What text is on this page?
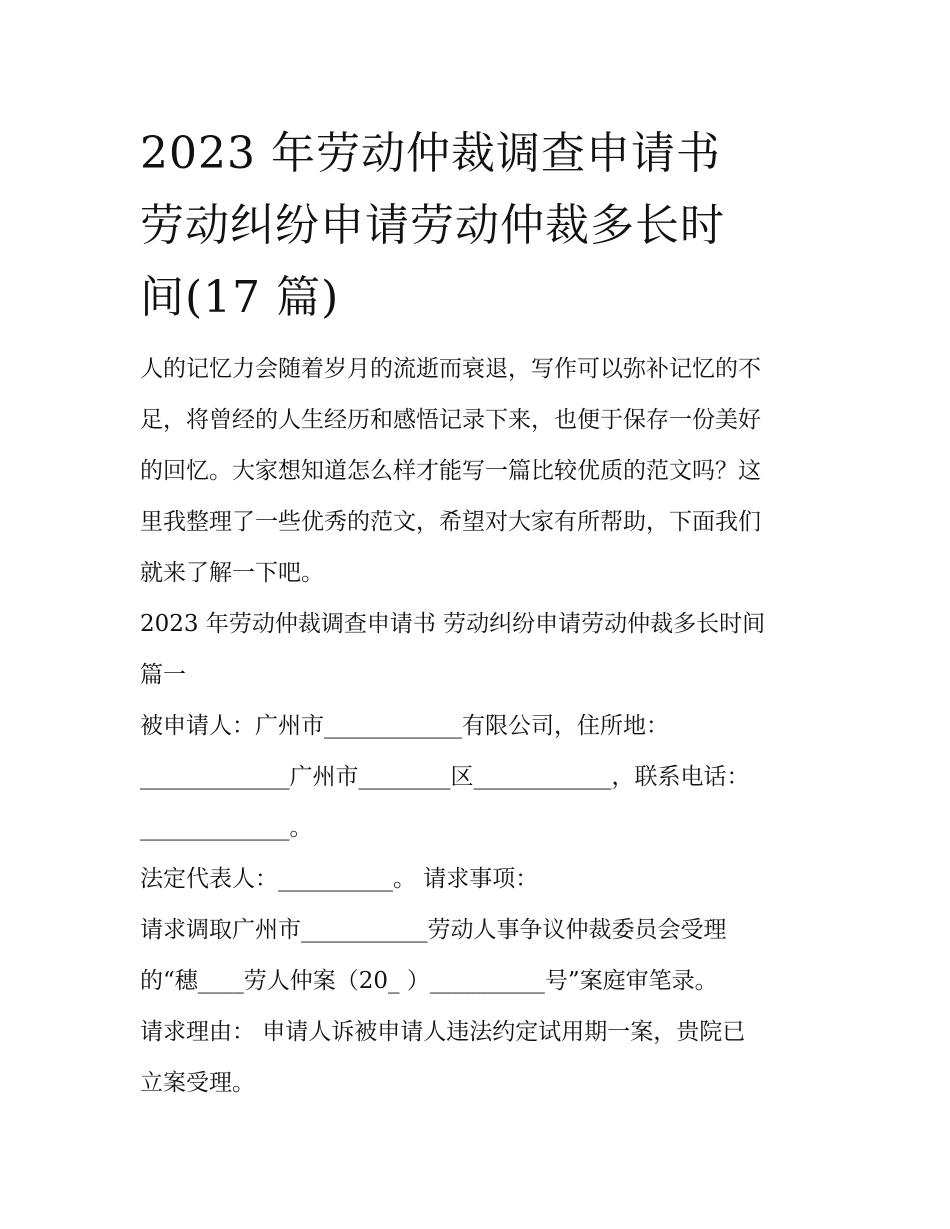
2023 年劳动仲裁调查申请书
劳动纠纷申请劳动仲裁多长时
间(17 篇)

人的记忆力会随着岁月的流逝而衰退，写作可以弥补记忆的不

足，将曾经的人生经历和感悟记录下来，也便于保存一份美好

的回忆。大家想知道怎么样才能写一篇比较优质的范文吗？这

里我整理了一些优秀的范文，希望对大家有所帮助，下面我们

就来了解一下吧。

2023 年劳动仲裁调查申请书 劳动纠纷申请劳动仲裁多长时间

篇一

被申请人：广州市____________有限公司，住所地：

_____________广州市________区____________，联系电话：

_____________。

法定代表人：__________。 请求事项：

请求调取广州市___________劳动人事争议仲裁委员会受理

的“穗____劳人仲案（20_ ）__________号”案庭审笔录。

请求理由： 申请人诉被申请人违法约定试用期一案，贵院已

立案受理。
